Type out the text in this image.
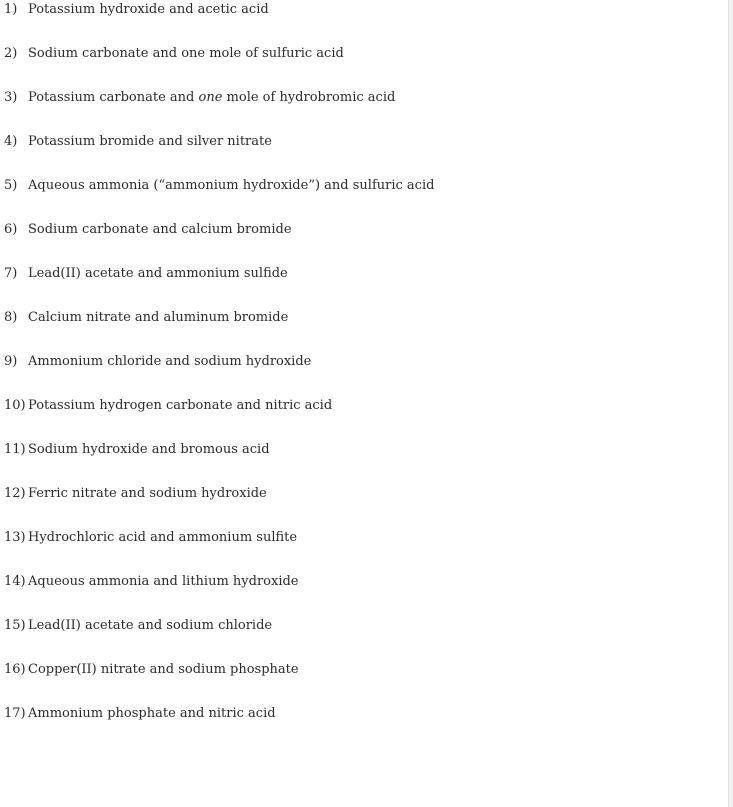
1) Potassium hydroxide and acetic acid
2) Sodium carbonate and one mole of sulfuric acid
3) Potassium carbonate and one mole of hydrobromic acid
4) Potassium bromide and silver nitrate
5) Aqueous ammonia (“ammonium hydroxide”) and sulfuric acid
6) Sodium carbonate and calcium bromide
7) Lead(II) acetate and ammonium sulfide
8) Calcium nitrate and aluminum bromide
9) Ammonium chloride and sodium hydroxide
10) Potassium hydrogen carbonate and nitric acid
11) Sodium hydroxide and bromous acid
12) Ferric nitrate and sodium hydroxide
13) Hydrochloric acid and ammonium sulfite
14) Aqueous ammonia and lithium hydroxide
15) Lead(II) acetate and sodium chloride
16) Copper(II) nitrate and sodium phosphate
17) Ammonium phosphate and nitric acid
